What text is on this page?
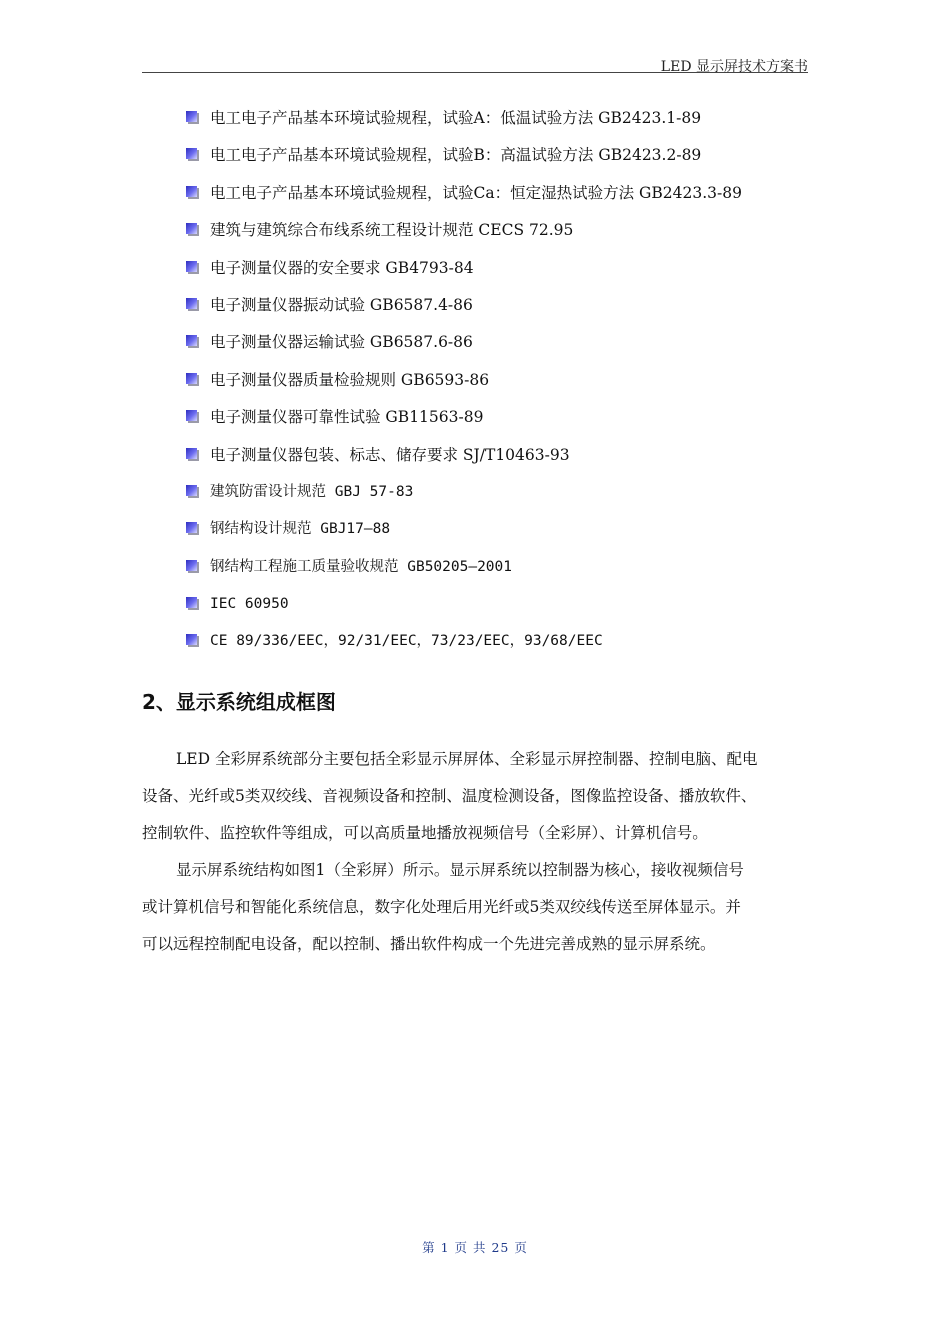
LED 显示屏技术方案书
电工电子产品基本环境试验规程，试验A：低温试验方法 GB2423.1-89
电工电子产品基本环境试验规程，试验B：高温试验方法 GB2423.2-89
电工电子产品基本环境试验规程，试验Ca：恒定湿热试验方法 GB2423.3-89
建筑与建筑综合布线系统工程设计规范 CECS 72.95
电子测量仪器的安全要求 GB4793-84
电子测量仪器振动试验 GB6587.4-86
电子测量仪器运输试验 GB6587.6-86
电子测量仪器质量检验规则 GB6593-86
电子测量仪器可靠性试验 GB11563-89
电子测量仪器包装、标志、储存要求 SJ/T10463-93
建筑防雷设计规范 GBJ 57-83
钢结构设计规范 GBJ17—88
钢结构工程施工质量验收规范 GB50205—2001
IEC 60950
CE 89/336/EEC，92/31/EEC，73/23/EEC，93/68/EEC
2、显示系统组成框图

LED 全彩屏系统部分主要包括全彩显示屏屏体、全彩显示屏控制器、控制电脑、配电
设备、光纤或5类双绞线、音视频设备和控制、温度检测设备，图像监控设备、播放软件、
控制软件、监控软件等组成，可以高质量地播放视频信号（全彩屏）、计算机信号。

显示屏系统结构如图1（全彩屏）所示。显示屏系统以控制器为核心，接收视频信号
或计算机信号和智能化系统信息，数字化处理后用光纤或5类双绞线传送至屏体显示。并
可以远程控制配电设备，配以控制、播出软件构成一个先进完善成熟的显示屏系统。

第 1 页 共 25 页
